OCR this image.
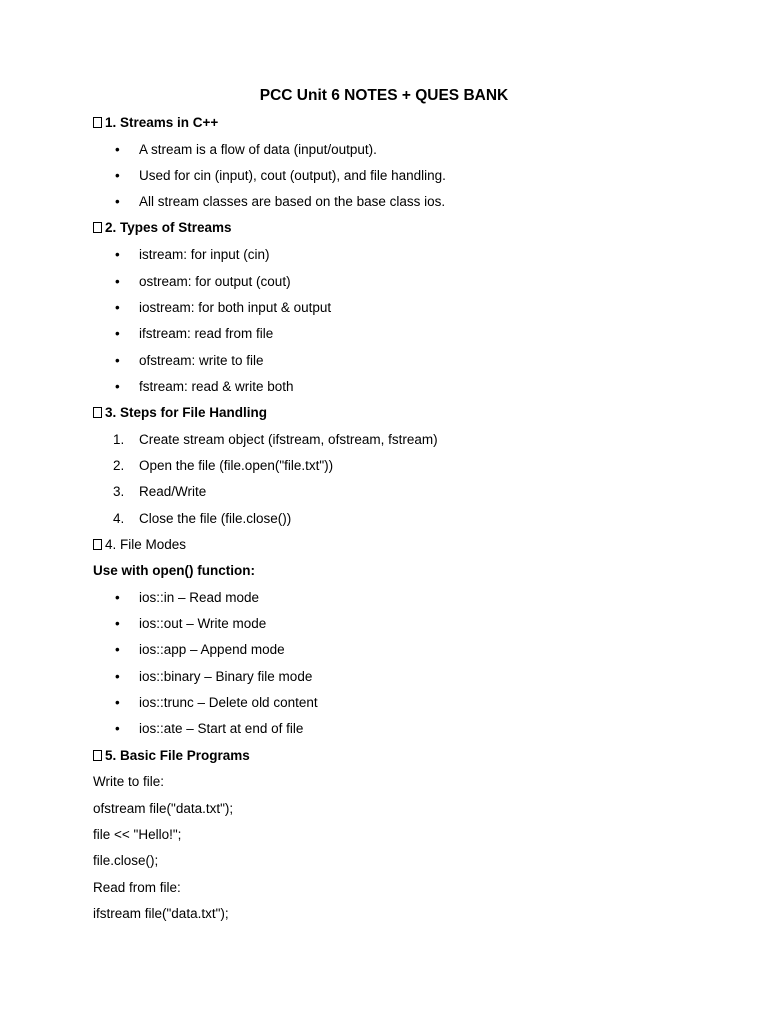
PCC Unit 6 NOTES + QUES BANK
1. Streams in C++
• A stream is a flow of data (input/output).
• Used for cin (input), cout (output), and file handling.
• All stream classes are based on the base class ios.
2. Types of Streams
• istream: for input (cin)
• ostream: for output (cout)
• iostream: for both input & output
• ifstream: read from file
• ofstream: write to file
• fstream: read & write both
3. Steps for File Handling
1. Create stream object (ifstream, ofstream, fstream)
2. Open the file (file.open("file.txt"))
3. Read/Write
4. Close the file (file.close())
4. File Modes
Use with open() function:
• ios::in – Read mode
• ios::out – Write mode
• ios::app – Append mode
• ios::binary – Binary file mode
• ios::trunc – Delete old content
• ios::ate – Start at end of file
5. Basic File Programs
Write to file:
ofstream file("data.txt");
file << "Hello!";
file.close();
Read from file:
ifstream file("data.txt");
